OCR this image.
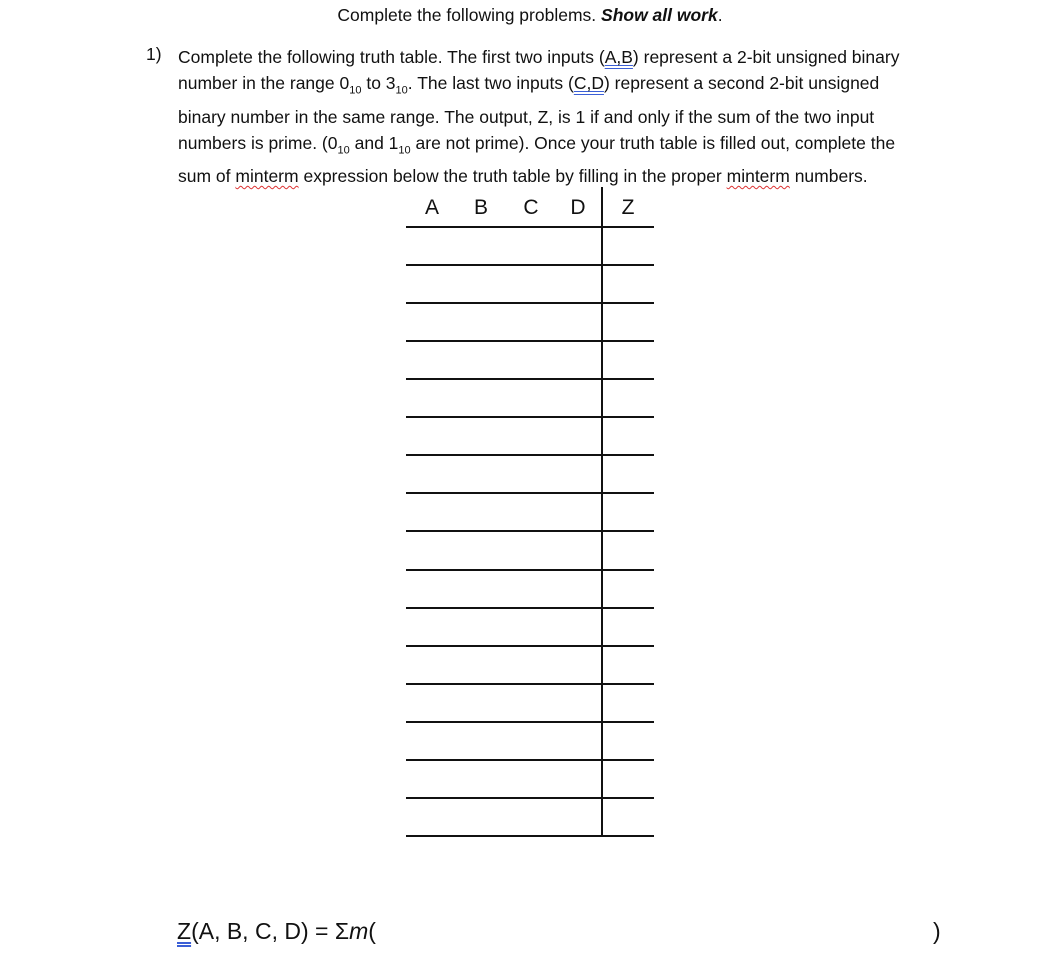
Complete the following problems. Show all work.
1) Complete the following truth table. The first two inputs (A,B) represent a 2-bit unsigned binary
number in the range $0_{10}$ to $3_{10}$. The last two inputs (C,D) represent a second 2-bit unsigned
binary number in the same range. The output, Z, is 1 if and only if the sum of the two input
numbers is prime. ($0_{10}$ and $1_{10}$ are not prime). Once your truth table is filled out, complete the
sum of minterm expression below the truth table by filling in the proper minterm numbers.
A	B	C	D	Z
Z(A, B, C, D) = Σm(	)
